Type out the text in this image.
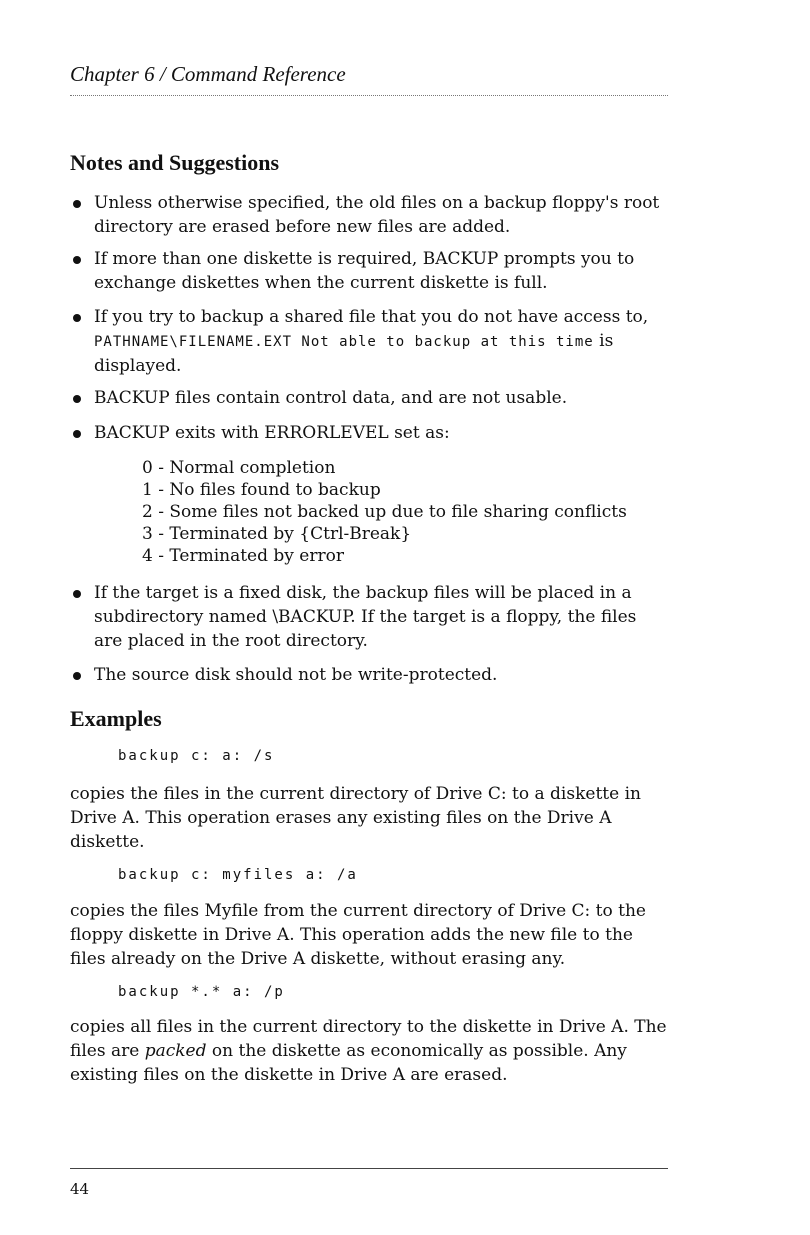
Chapter 6 / Command Reference
Notes and Suggestions
Unless otherwise specified, the old files on a backup floppy's root directory are erased before new files are added.
If more than one diskette is required, BACKUP prompts you to exchange diskettes when the current diskette is full.
If you try to backup a shared file that you do not have access to, PATHNAME\FILENAME.EXT Not able to backup at this time is displayed.
BACKUP files contain control data, and are not usable.
BACKUP exits with ERRORLEVEL set as:
0 - Normal completion
1 - No files found to backup
2 - Some files not backed up due to file sharing conflicts
3 - Terminated by {Ctrl-Break}
4 - Terminated by error
If the target is a fixed disk, the backup files will be placed in a subdirectory named \BACKUP. If the target is a floppy, the files are placed in the root directory.
The source disk should not be write-protected.
Examples
backup c: a: /s
copies the files in the current directory of Drive C: to a diskette in Drive A. This operation erases any existing files on the Drive A diskette.
backup c: myfiles a: /a
copies the files Myfile from the current directory of Drive C: to the floppy diskette in Drive A. This operation adds the new file to the files already on the Drive A diskette, without erasing any.
backup *.* a: /p
copies all files in the current directory to the diskette in Drive A. The files are packed on the diskette as economically as possible. Any existing files on the diskette in Drive A are erased.
44
